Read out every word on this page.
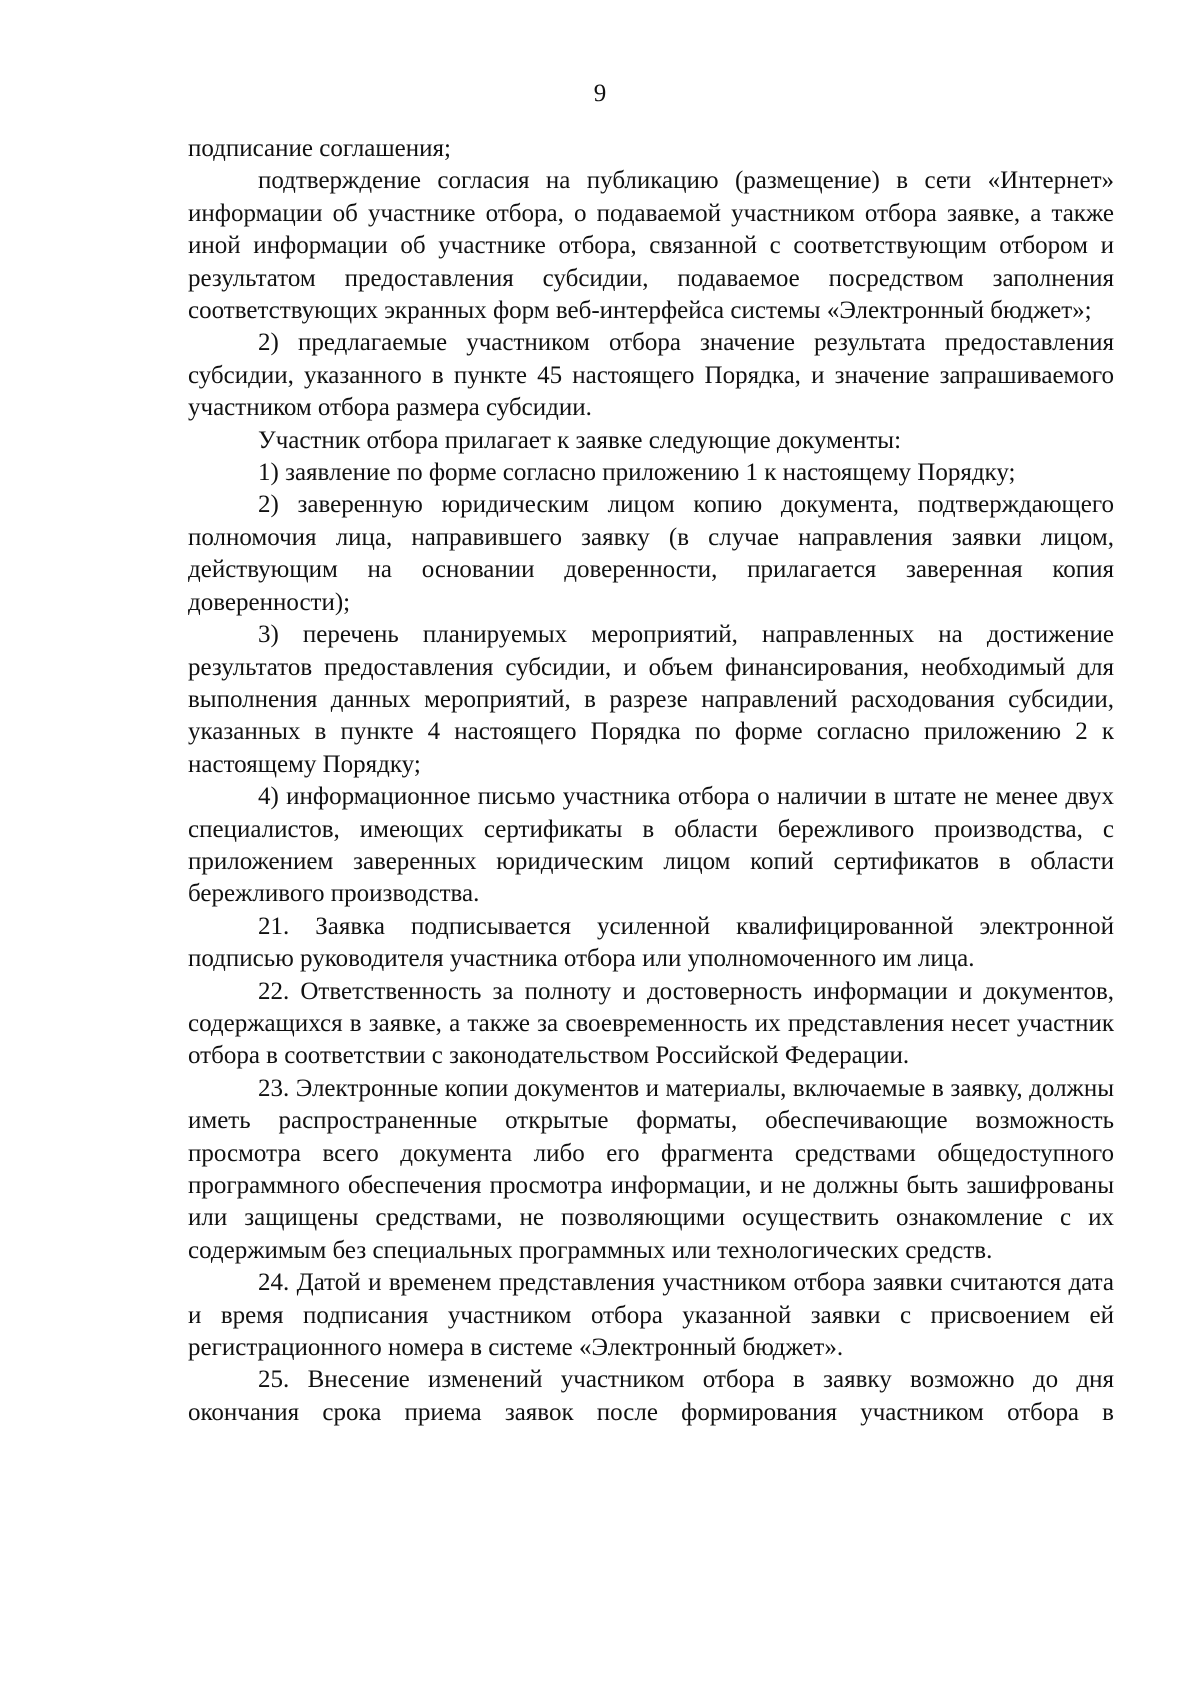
9

подписание соглашения;

подтверждение согласия на публикацию (размещение) в сети «Интернет» информации об участнике отбора, о подаваемой участником отбора заявке, а также иной информации об участнике отбора, связанной с соответствующим отбором и результатом предоставления субсидии, подаваемое посредством заполнения соответствующих экранных форм веб-интерфейса системы «Электронный бюджет»;

2) предлагаемые участником отбора значение результата предоставления субсидии, указанного в пункте 45 настоящего Порядка, и значение запрашиваемого участником отбора размера субсидии.

Участник отбора прилагает к заявке следующие документы:

1) заявление по форме согласно приложению 1 к настоящему Порядку;

2) заверенную юридическим лицом копию документа, подтверждающего полномочия лица, направившего заявку (в случае направления заявки лицом, действующим на основании доверенности, прилагается заверенная копия доверенности);

3) перечень планируемых мероприятий, направленных на достижение результатов предоставления субсидии, и объем финансирования, необходимый для выполнения данных мероприятий, в разрезе направлений расходования субсидии, указанных в пункте 4 настоящего Порядка по форме согласно приложению 2 к настоящему Порядку;

4) информационное письмо участника отбора о наличии в штате не менее двух специалистов, имеющих сертификаты в области бережливого производства, с приложением заверенных юридическим лицом копий сертификатов в области бережливого производства.

21. Заявка подписывается усиленной квалифицированной электронной подписью руководителя участника отбора или уполномоченного им лица.

22. Ответственность за полноту и достоверность информации и документов, содержащихся в заявке, а также за своевременность их представления несет участник отбора в соответствии с законодательством Российской Федерации.

23. Электронные копии документов и материалы, включаемые в заявку, должны иметь распространенные открытые форматы, обеспечивающие возможность просмотра всего документа либо его фрагмента средствами общедоступного программного обеспечения просмотра информации, и не должны быть зашифрованы или защищены средствами, не позволяющими осуществить ознакомление с их содержимым без специальных программных или технологических средств.

24. Датой и временем представления участником отбора заявки считаются дата и время подписания участником отбора указанной заявки с присвоением ей регистрационного номера в системе «Электронный бюджет».

25. Внесение изменений участником отбора в заявку возможно до дня окончания срока приема заявок после формирования участником отбора в
